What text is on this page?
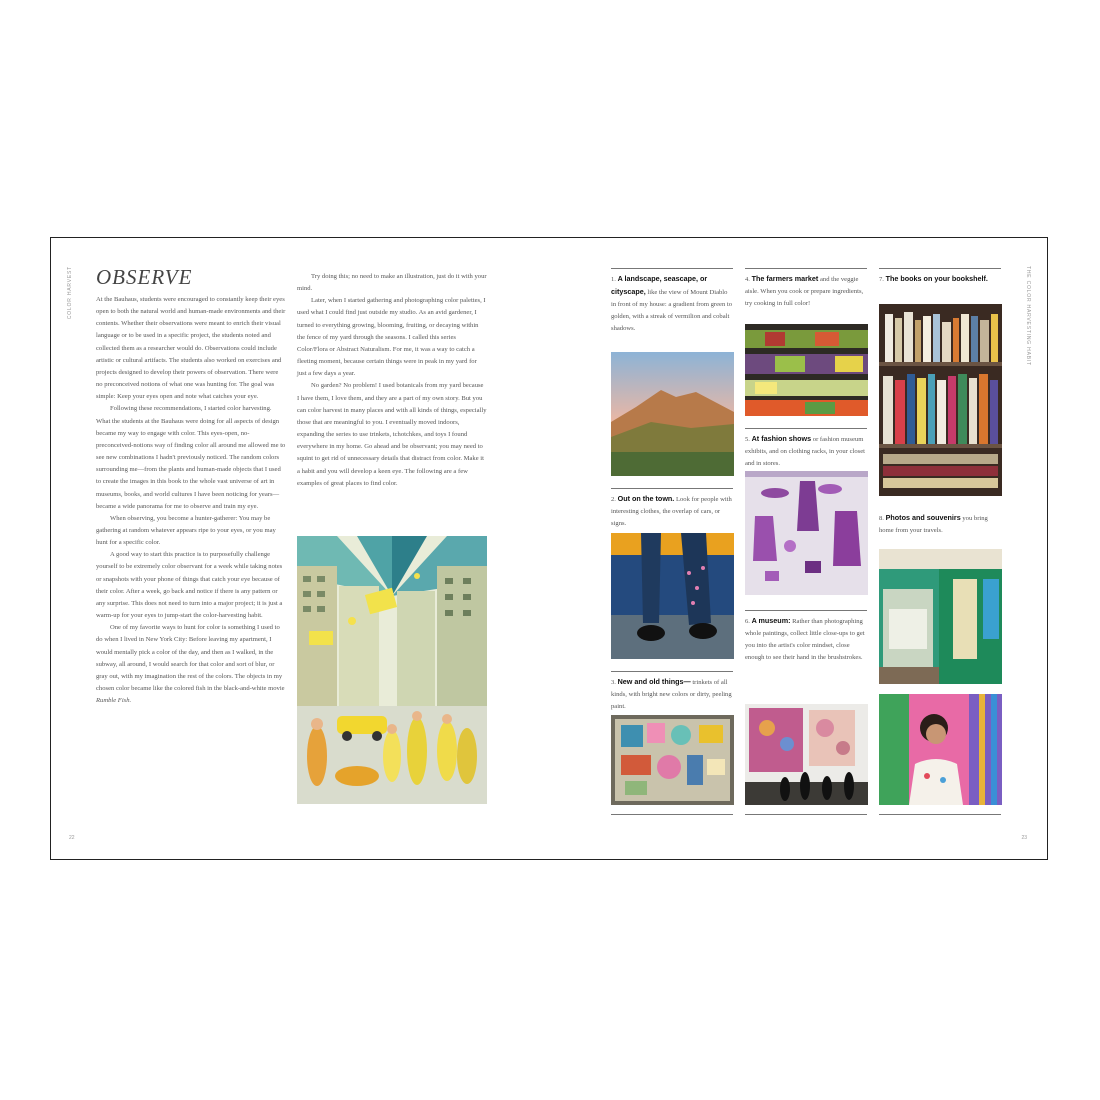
COLOR HARVEST OBSERVE

At the Bauhaus, students were encouraged to constantly keep their eyes open to both the natural world and human-made environments and their contents. Whether their observations were meant to enrich their visual language or to be used in a specific project, the students noted and collected them as a researcher would do. Observations could include artistic or cultural artifacts. The students also worked on exercises and projects designed to develop their powers of observation. There were no preconceived notions of what one was hunting for. The goal was simple: Keep your eyes open and note what catches your eye.

Following these recommendations, I started color harvesting. What the students at the Bauhaus were doing for all aspects of design became my way to engage with color. This eyes-open, no-preconceived-notions way of finding color all around me allowed me to see new combinations I hadn't previously noticed. The random colors surrounding me—from the plants and human-made objects that I used to create the images in this book to the whole vast universe of art in museums, books, and world cultures I have been noticing for years—became a wide panorama for me to observe and train my eye.

When observing, you become a hunter-gatherer: You may be gathering at random whatever appears ripe to your eyes, or you may hunt for a specific color.

A good way to start this practice is to purposefully challenge yourself to be extremely color observant for a week while taking notes or snapshots with your phone of things that catch your eye because of their color. After a week, go back and notice if there is any pattern or any surprise. This does not need to turn into a major project; it is just a warm-up for your eyes to jump-start the color-harvesting habit.

One of my favorite ways to hunt for color is something I used to do when I lived in New York City: Before leaving my apartment, I would mentally pick a color of the day, and then as I walked, in the subway, all around, I would search for that color and sort of blur, or gray out, with my imagination the rest of the colors. The objects in my chosen color became like the colored fish in the black-and-white movie Rumble Fish.

Try doing this; no need to make an illustration, just do it with your mind.

Later, when I started gathering and photographing color palettes, I used what I could find just outside my studio. As an avid gardener, I turned to everything growing, blooming, fruiting, or decaying within the fence of my yard through the seasons. I called this series Color/Flora or Abstract Naturalism. For me, it was a way to catch a fleeting moment, because certain things were in peak in my yard for just a few days a year.

No garden? No problem! I used botanicals from my yard because I have them, I love them, and they are a part of my own story. But you can color harvest in many places and with all kinds of things, especially those that are meaningful to you. I eventually moved indoors, expanding the series to use trinkets, tchotchkes, and toys I found everywhere in my home. Go ahead and be observant; you may need to squint to get rid of unnecessary details that distract from color. Make it a habit and you will develop a keen eye. The following are a few examples of great places to find color.

22
THE COLOR HARVESTING HABIT
1. A landscape, seascape, or cityscape, like the view of Mount Diablo in front of my house: a gradient from green to golden, with a streak of vermilion and cobalt shadows.
2. Out on the town. Look for people with interesting clothes, the overlap of cars, or signs.
3. New and old things— trinkets of all kinds, with bright new colors or dirty, peeling paint.
4. The farmers market and the veggie aisle. When you cook or prepare ingredients, try cooking in full color!
5. At fashion shows or fashion museum exhibits, and on clothing racks, in your closet and in stores.
6. A museum: Rather than photographing whole paintings, collect little close-ups to get you into the artist's color mindset, close enough to see their hand in the brushstrokes.
7. The books on your bookshelf.
8. Photos and souvenirs you bring home from your travels.
23
